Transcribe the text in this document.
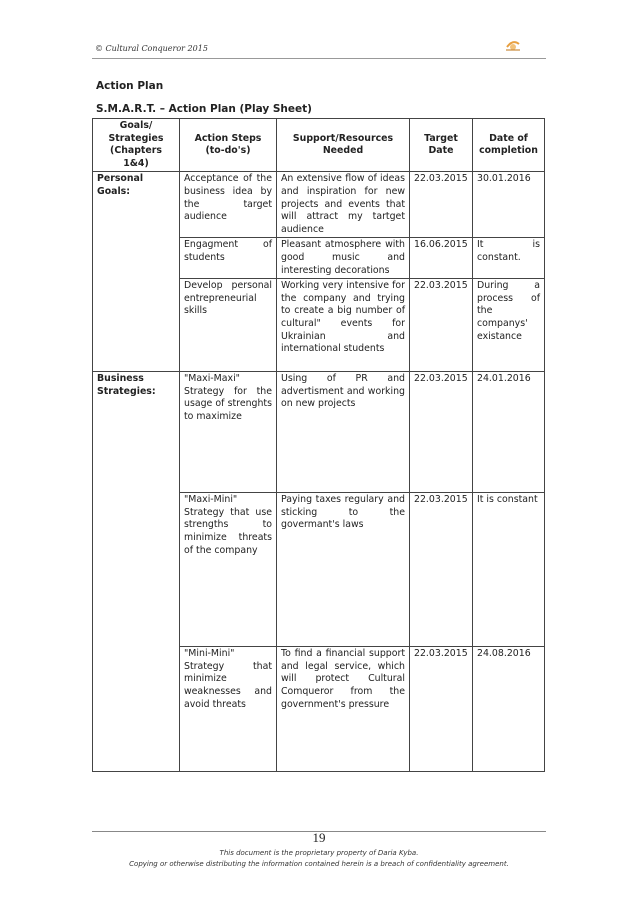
© Cultural Conqueror 2015
Action Plan
S.M.A.R.T. – Action Plan (Play Sheet)
Goals/ Strategies (Chapters 1&4)	Action Steps (to-do's)	Support/Resources Needed	Target Date	Date of completion
Personal Goals:	Acceptance of the business idea by the target audience	An extensive flow of ideas and inspiration for new projects and events that will attract my tartget audience	22.03.2015	30.01.2016
	Engagment of students	Pleasant atmosphere with good music and interesting decorations	16.06.2015	It is constant.
	Develop personal entrepreneurial skills	Working very intensive for the company and trying to create a big number of cultural" events for Ukrainian and international students	22.03.2015	During a process of the companys' existance
Business Strategies:	"Maxi-Maxi" Strategy for the usage of strenghts to maximize	Using of PR and advertisment and working on new projects	22.03.2015	24.01.2016
	"Maxi-Mini" Strategy that use strengths to minimize threats of the company	Paying taxes regulary and sticking to the govermant's laws	22.03.2015	It is constant
	"Mini-Mini" Strategy that minimize weaknesses and avoid threats	To find a financial support and legal service, which will protect Cultural Comqueror from the government's pressure	22.03.2015	24.08.2016
19
This document is the proprietary property of Daria Kyba.
Copying or otherwise distributing the information contained herein is a breach of confidentiality agreement.
